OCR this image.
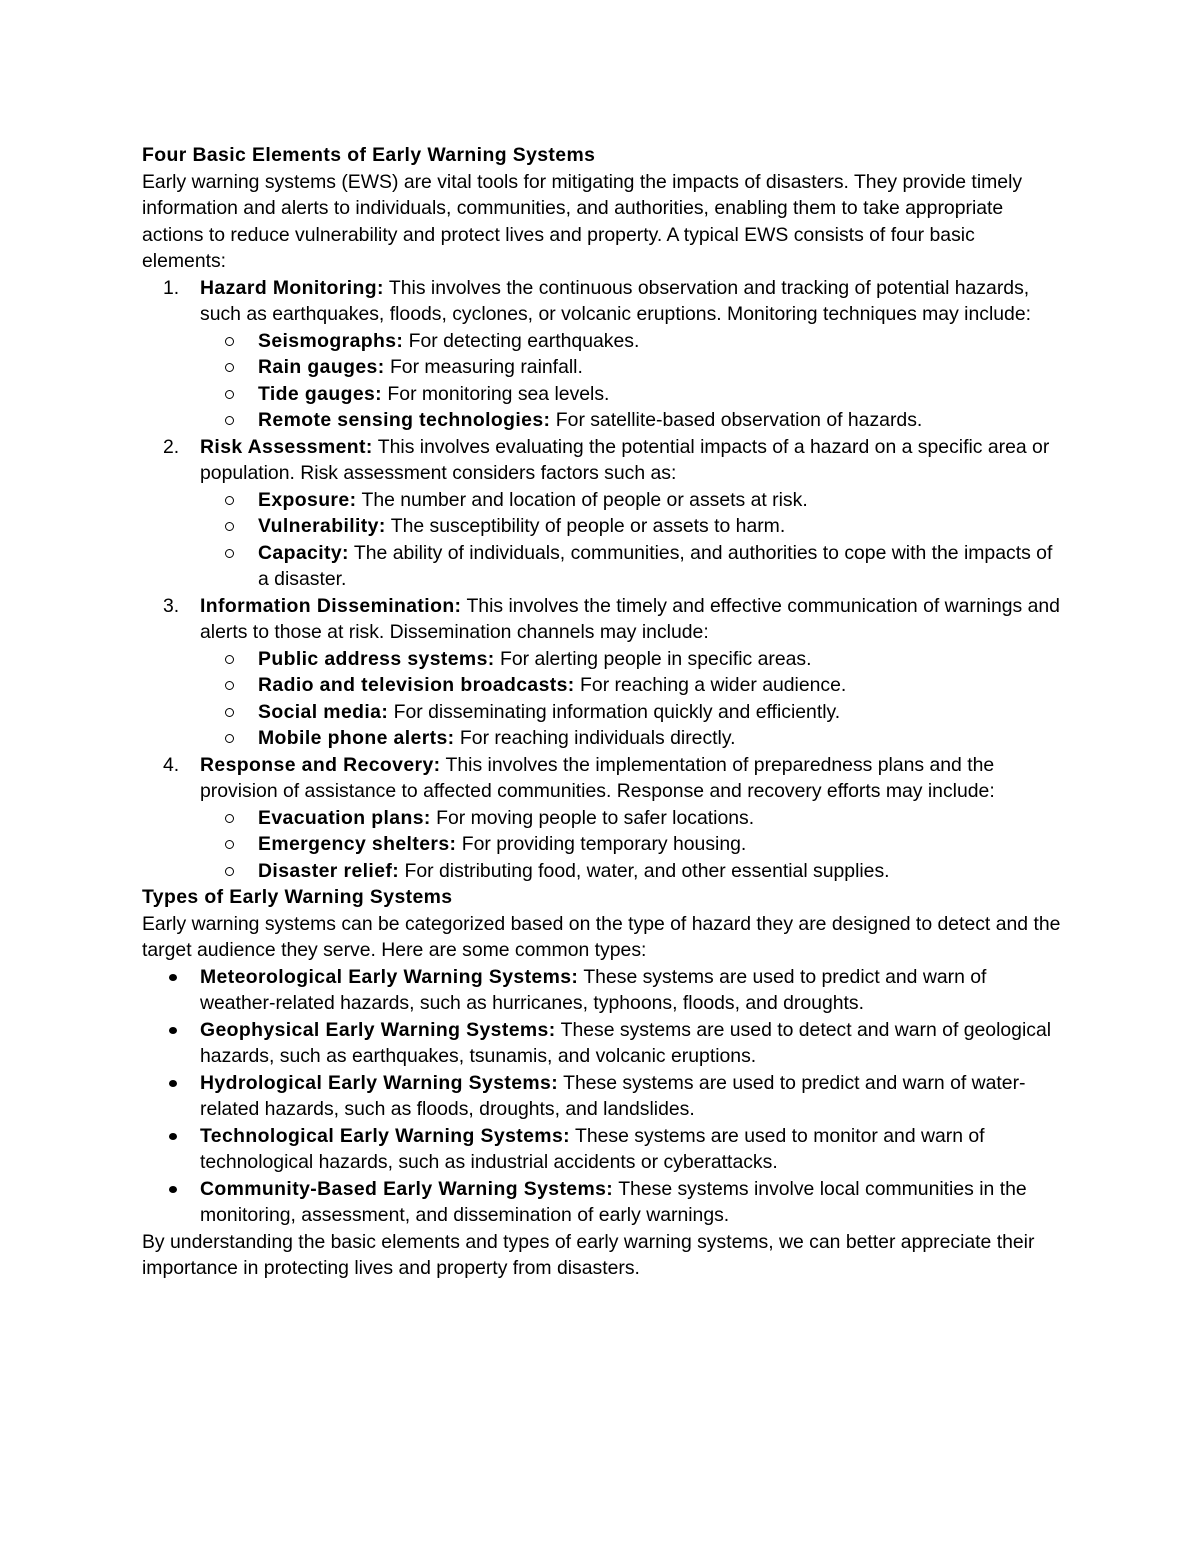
Four Basic Elements of Early Warning Systems

Early warning systems (EWS) are vital tools for mitigating the impacts of disasters. They provide timely information and alerts to individuals, communities, and authorities, enabling them to take appropriate actions to reduce vulnerability and protect lives and property. A typical EWS consists of four basic elements:

1. Hazard Monitoring: This involves the continuous observation and tracking of potential hazards, such as earthquakes, floods, cyclones, or volcanic eruptions. Monitoring techniques may include:
Seismographs: For detecting earthquakes.
Rain gauges: For measuring rainfall.
Tide gauges: For monitoring sea levels.
Remote sensing technologies: For satellite-based observation of hazards.
2. Risk Assessment: This involves evaluating the potential impacts of a hazard on a specific area or population. Risk assessment considers factors such as:
Exposure: The number and location of people or assets at risk.
Vulnerability: The susceptibility of people or assets to harm.
Capacity: The ability of individuals, communities, and authorities to cope with the impacts of a disaster.
3. Information Dissemination: This involves the timely and effective communication of warnings and alerts to those at risk. Dissemination channels may include:
Public address systems: For alerting people in specific areas.
Radio and television broadcasts: For reaching a wider audience.
Social media: For disseminating information quickly and efficiently.
Mobile phone alerts: For reaching individuals directly.
4. Response and Recovery: This involves the implementation of preparedness plans and the provision of assistance to affected communities. Response and recovery efforts may include:
Evacuation plans: For moving people to safer locations.
Emergency shelters: For providing temporary housing.
Disaster relief: For distributing food, water, and other essential supplies.

Types of Early Warning Systems

Early warning systems can be categorized based on the type of hazard they are designed to detect and the target audience they serve. Here are some common types:

Meteorological Early Warning Systems: These systems are used to predict and warn of weather-related hazards, such as hurricanes, typhoons, floods, and droughts.
Geophysical Early Warning Systems: These systems are used to detect and warn of geological hazards, such as earthquakes, tsunamis, and volcanic eruptions.
Hydrological Early Warning Systems: These systems are used to predict and warn of water-related hazards, such as floods, droughts, and landslides.
Technological Early Warning Systems: These systems are used to monitor and warn of technological hazards, such as industrial accidents or cyberattacks.
Community-Based Early Warning Systems: These systems involve local communities in the monitoring, assessment, and dissemination of early warnings.

By understanding the basic elements and types of early warning systems, we can better appreciate their importance in protecting lives and property from disasters.
